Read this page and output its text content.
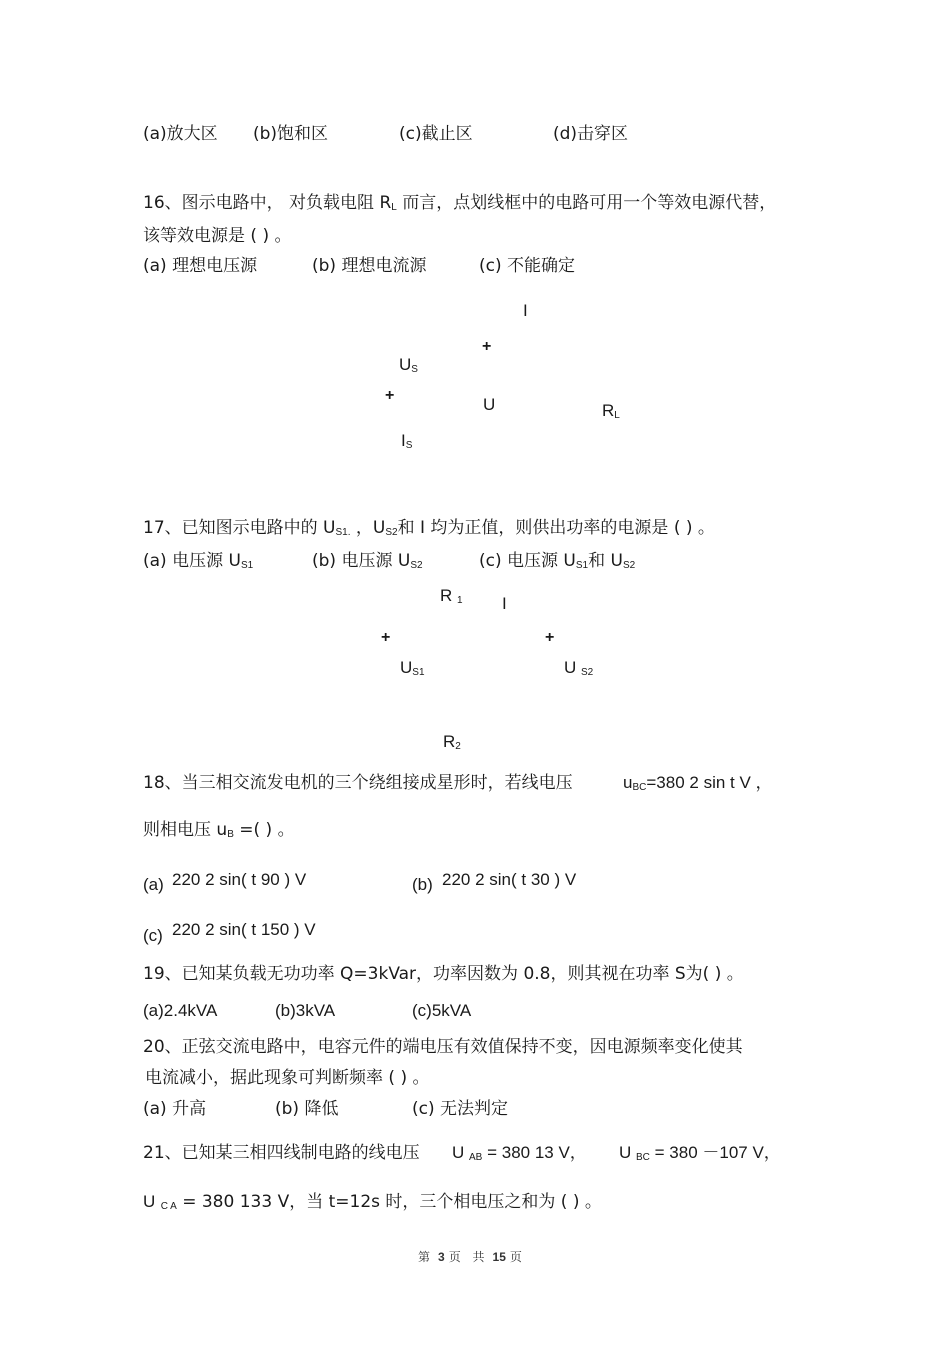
(a)放大区 (b)饱和区	(c)截止区	(d)击穿区
16、图示电路中， 对负载电阻 $R_L$ 而言，点划线框中的电路可用一个等效电源代替，
该等效电源是 ( ) 。
(a) 理想电压源	(b) 理想电流源	(c) 不能确定
I
+
$U_S$
+	U	$R_L$
$I_S$
17、已知图示电路中的 $U_{S1.}$ ，$U_{S2}$和 I 均为正值，则供出功率的电源是 ( ) 。
(a) 电压源 $U_{S1}$	(b) 电压源 $U_{S2}$	(c) 电压源 $U_{S1}$和 $U_{S2}$
R $_1$ I
+	+
$U_{S1}$	U $_{S2}$
$R_2$
18、当三相交流发电机的三个绕组接成星形时，若线电压	$u_{BC}=380$ 2 sin t V ，
则相电压 $u_B$ =( ) 。
(a) 220 2 sin( t 90 ) V	(b) 220 2 sin( t 30 ) V
(c) 220 2 sin( t 150 ) V
19、已知某负载无功功率 Q=3kVar，功率因数为 0.8，则其视在功率 S为( ) 。
(a)2.4kVA	(b)3kVA	(c)5kVA
20、正弦交流电路中，电容元件的端电压有效值保持不变，因电源频率变化使其
电流减小，据此现象可判断频率 ( ) 。
(a) 升高	(b) 降低	(c) 无法判定
21、已知某三相四线制电路的线电压 U $_{AB}$ = 380 13 V， U $_{BC}$ = 380 －107 V，
U $_{C A}$ = 380 133 V，当 t=12s 时，三个相电压之和为 ( ) 。
第 3 页 共 15 页
